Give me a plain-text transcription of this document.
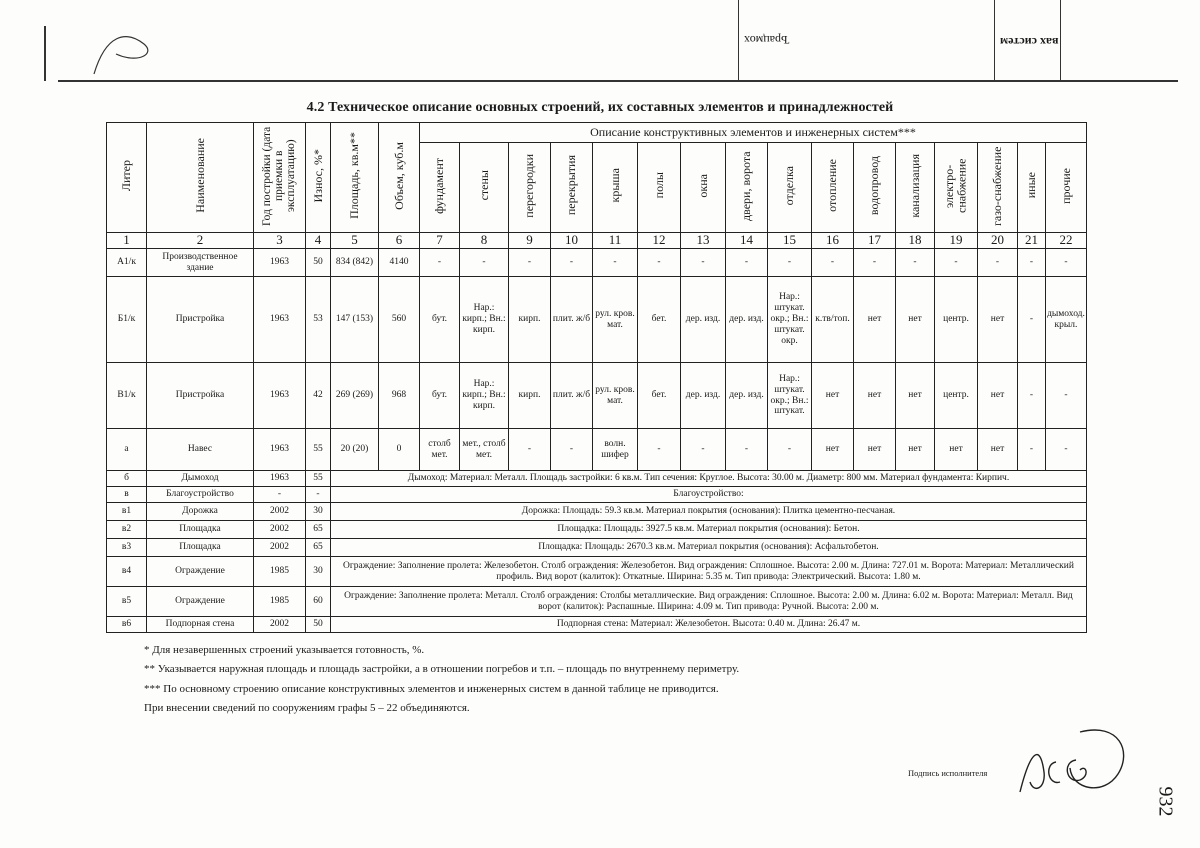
Ърацмох	вах систем
4.2 Техническое описание основных строений, их составных элементов и принадлежностей
Литер	Наименование	Год постройки (дата приемки в эксплуатацию)	Износ, %*	Площадь, кв.м**	Объем, куб.м	Описание конструктивных элементов и инженерных систем***															
						фундамент	стены	перегородки	перекрытия	крыша	полы	окна	двери, ворота	отделка	отопление	водопровод	канализация	электро-снабжение	газо-снабжение	иные	прочие
1	2	3	4	5	6	7	8	9	10	11	12	13	14	15	16	17	18	19	20	21	22
А1/к	Производственное здание	1963	50	834 (842)	4140	-	-	-	-	-	-	-	-	-	-	-	-	-	-	-	-
Б1/к	Пристройка	1963	53	147 (153)	560	бут.	Нар.: кирп.; Вн.: кирп.	кирп.	плит. ж/б	рул. кров. мат.	бет.	дер. изд.	дер. изд.	Нар.: штукат. окр.; Вн.: штукат. окр.	к.тв/топ.	нет	нет	центр.	нет	-	дымоход. крыл.
В1/к	Пристройка	1963	42	269 (269)	968	бут.	Нар.: кирп.; Вн.: кирп.	кирп.	плит. ж/б	рул. кров. мат.	бет.	дер. изд.	дер. изд.	Нар.: штукат. окр.; Вн.: штукат.	нет	нет	нет	центр.	нет	-	-
а	Навес	1963	55	20 (20)	0	столб мет.	мет., столб мет.	-	-	волн. шифер	-	-	-	-	нет	нет	нет	нет	нет	-	-
б	Дымоход	1963	55	Дымоход: Материал: Металл. Площадь застройки: 6 кв.м. Тип сечения: Круглое. Высота: 30.00 м. Диаметр: 800 мм. Материал фундамента: Кирпич.																	
в	Благоустройство	-	-	Благоустройство:																	
в1	Дорожка	2002	30	Дорожка: Площадь: 59.3 кв.м. Материал покрытия (основания): Плитка цементно-песчаная.																	
в2	Площадка	2002	65	Площадка: Площадь: 3927.5 кв.м. Материал покрытия (основания): Бетон.																	
в3	Площадка	2002	65	Площадка: Площадь: 2670.3 кв.м. Материал покрытия (основания): Асфальтобетон.																	
в4	Ограждение	1985	30	Ограждение: Заполнение пролета: Железобетон. Столб ограждения: Железобетон. Вид ограждения: Сплошное. Высота: 2.00 м. Длина: 727.01 м. Ворота: Материал: Металлический профиль. Вид ворот (калиток): Откатные. Ширина: 5.35 м. Тип привода: Электрический. Высота: 1.80 м.																	
в5	Ограждение	1985	60	Ограждение: Заполнение пролета: Металл. Столб ограждения: Столбы металлические. Вид ограждения: Сплошное. Высота: 2.00 м. Длина: 6.02 м. Ворота: Материал: Металл. Вид ворот (калиток): Распашные. Ширина: 4.09 м. Тип привода: Ручной. Высота: 2.00 м.																	
в6	Подпорная стена	2002	50	Подпорная стена: Материал: Железобетон. Высота: 0.40 м. Длина: 26.47 м.																	
* Для незавершенных строений указывается готовность, %.
** Указывается наружная площадь и площадь застройки, а в отношении погребов и т.п. – площадь по внутреннему периметру.
*** По основному строению описание конструктивных элементов и инженерных систем в данной таблице не приводится.
При внесении сведений по сооружениям графы 5 – 22 объединяются.
Подпись исполнителя
932
